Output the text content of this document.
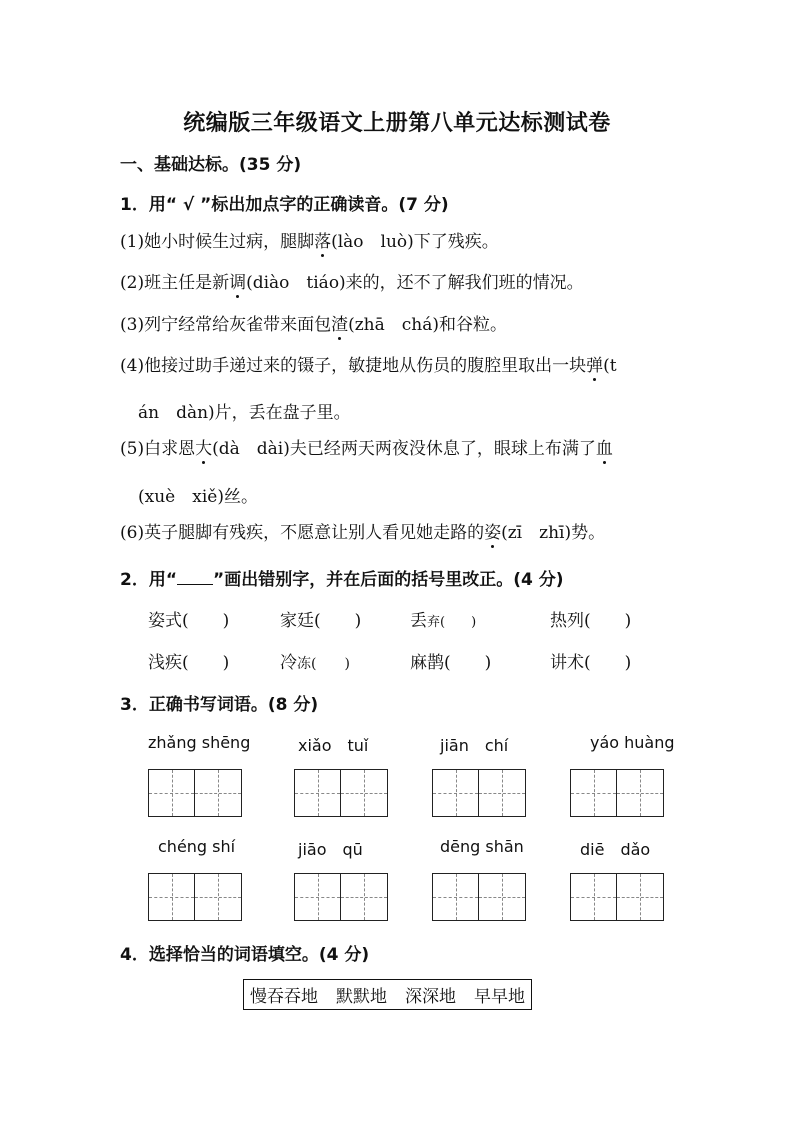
统编版三年级语文上册第八单元达标测试卷
一、基础达标。(35 分)
1．用“ √ ”标出加点字的正确读音。(7 分)
(1)她小时候生过病，腿脚落(lào　luò)下了残疾。
(2)班主任是新调(diào　tiáo)来的，还不了解我们班的情况。
(3)列宁经常给灰雀带来面包渣(zhā　chá)和谷粒。
(4)他接过助手递过来的镊子，敏捷地从伤员的腹腔里取出一块弹(t
án　dàn)片，丢在盘子里。
(5)白求恩大(dà　dài)夫已经两天两夜没休息了，眼球上布满了血
(xuè　xiě)丝。
(6)英子腿脚有残疾，不愿意让别人看见她走路的姿(zī　zhī)势。
2．用“ ”画出错别字，并在后面的括号里改正。(4 分)
姿式(　　)	家廷(　　)	丢弃(　　)	热列(　　)
浅疾(　　)	冷冻(　　)	麻鹊(　　)	讲术(　　)
3．正确书写词语。(8 分)
zhǎng shēng	xiǎo　tuǐ	jiān　chí	yáo huàng
chéng shí	jiāo　qū	dēng shān	diē　dǎo
4．选择恰当的词语填空。(4 分)
慢吞吞地 默默地 深深地 早早地
